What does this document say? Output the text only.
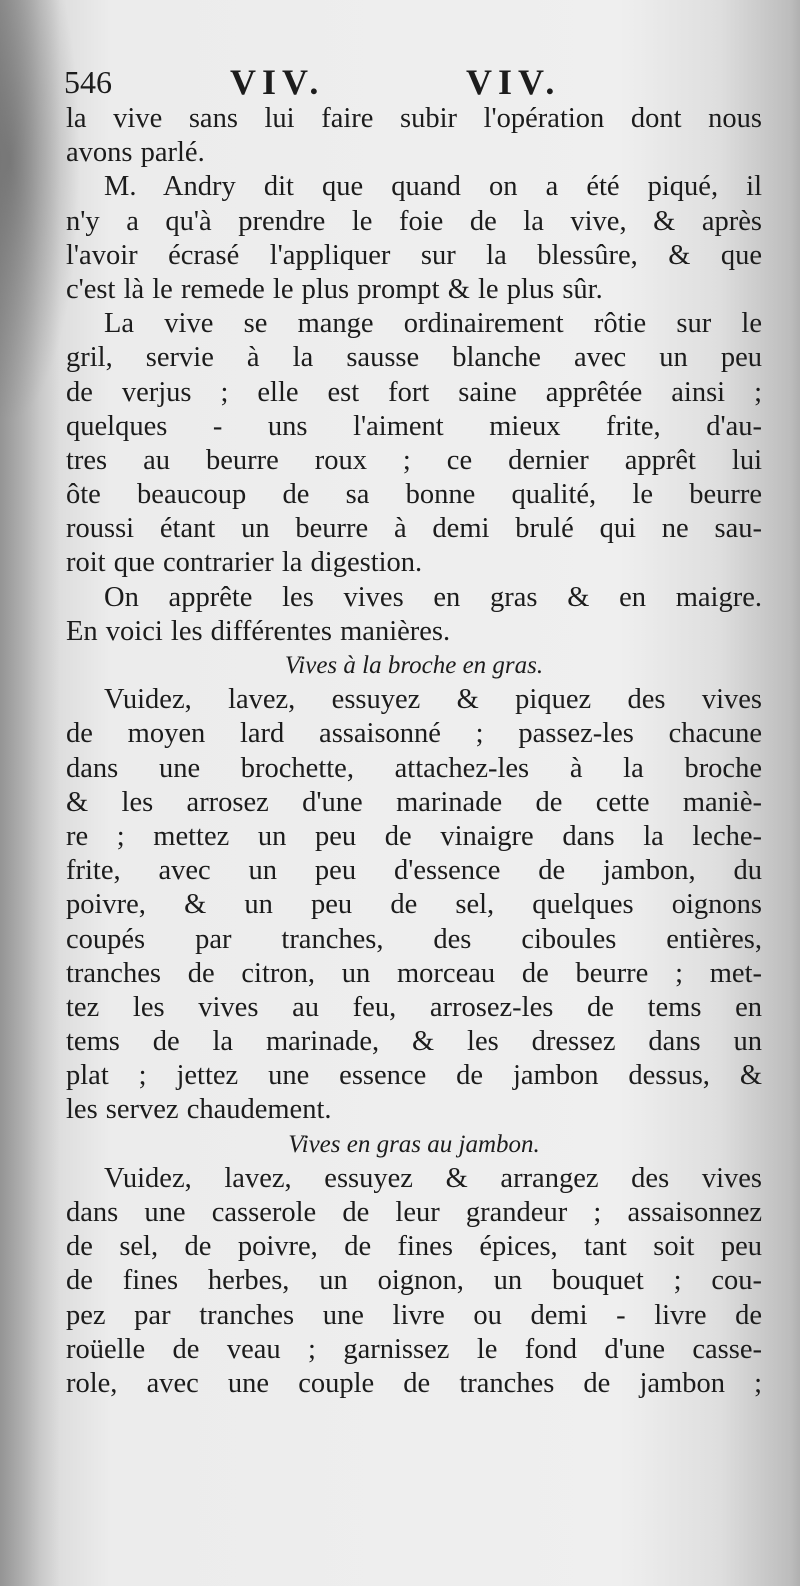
546	VIV.	VIV.
la vive sans lui faire subir l'opération dont nous
avons parlé.
M. Andry dit que quand on a été piqué, il
n'y a qu'à prendre le foie de la vive, & après
l'avoir écrasé l'appliquer sur la blessûre, & que
c'est là le remede le plus prompt & le plus sûr.
La vive se mange ordinairement rôtie sur le
gril, servie à la sausse blanche avec un peu
de verjus ; elle est fort saine apprêtée ainsi ;
quelques - uns l'aiment mieux frite, d'au-
tres au beurre roux ; ce dernier apprêt lui
ôte beaucoup de sa bonne qualité, le beurre
roussi étant un beurre à demi brulé qui ne sau-
roit que contrarier la digestion.
On apprête les vives en gras & en maigre.
En voici les différentes manières.
Vives à la broche en gras.
Vuidez, lavez, essuyez & piquez des vives
de moyen lard assaisonné ; passez-les chacune
dans une brochette, attachez-les à la broche
& les arrosez d'une marinade de cette maniè-
re ; mettez un peu de vinaigre dans la leche-
frite, avec un peu d'essence de jambon, du
poivre, & un peu de sel, quelques oignons
coupés par tranches, des ciboules entières,
tranches de citron, un morceau de beurre ; met-
tez les vives au feu, arrosez-les de tems en
tems de la marinade, & les dressez dans un
plat ; jettez une essence de jambon dessus, &
les servez chaudement.
Vives en gras au jambon.
Vuidez, lavez, essuyez & arrangez des vives
dans une casserole de leur grandeur ; assaisonnez
de sel, de poivre, de fines épices, tant soit peu
de fines herbes, un oignon, un bouquet ; cou-
pez par tranches une livre ou demi - livre de
roüelle de veau ; garnissez le fond d'une casse-
role, avec une couple de tranches de jambon ;
